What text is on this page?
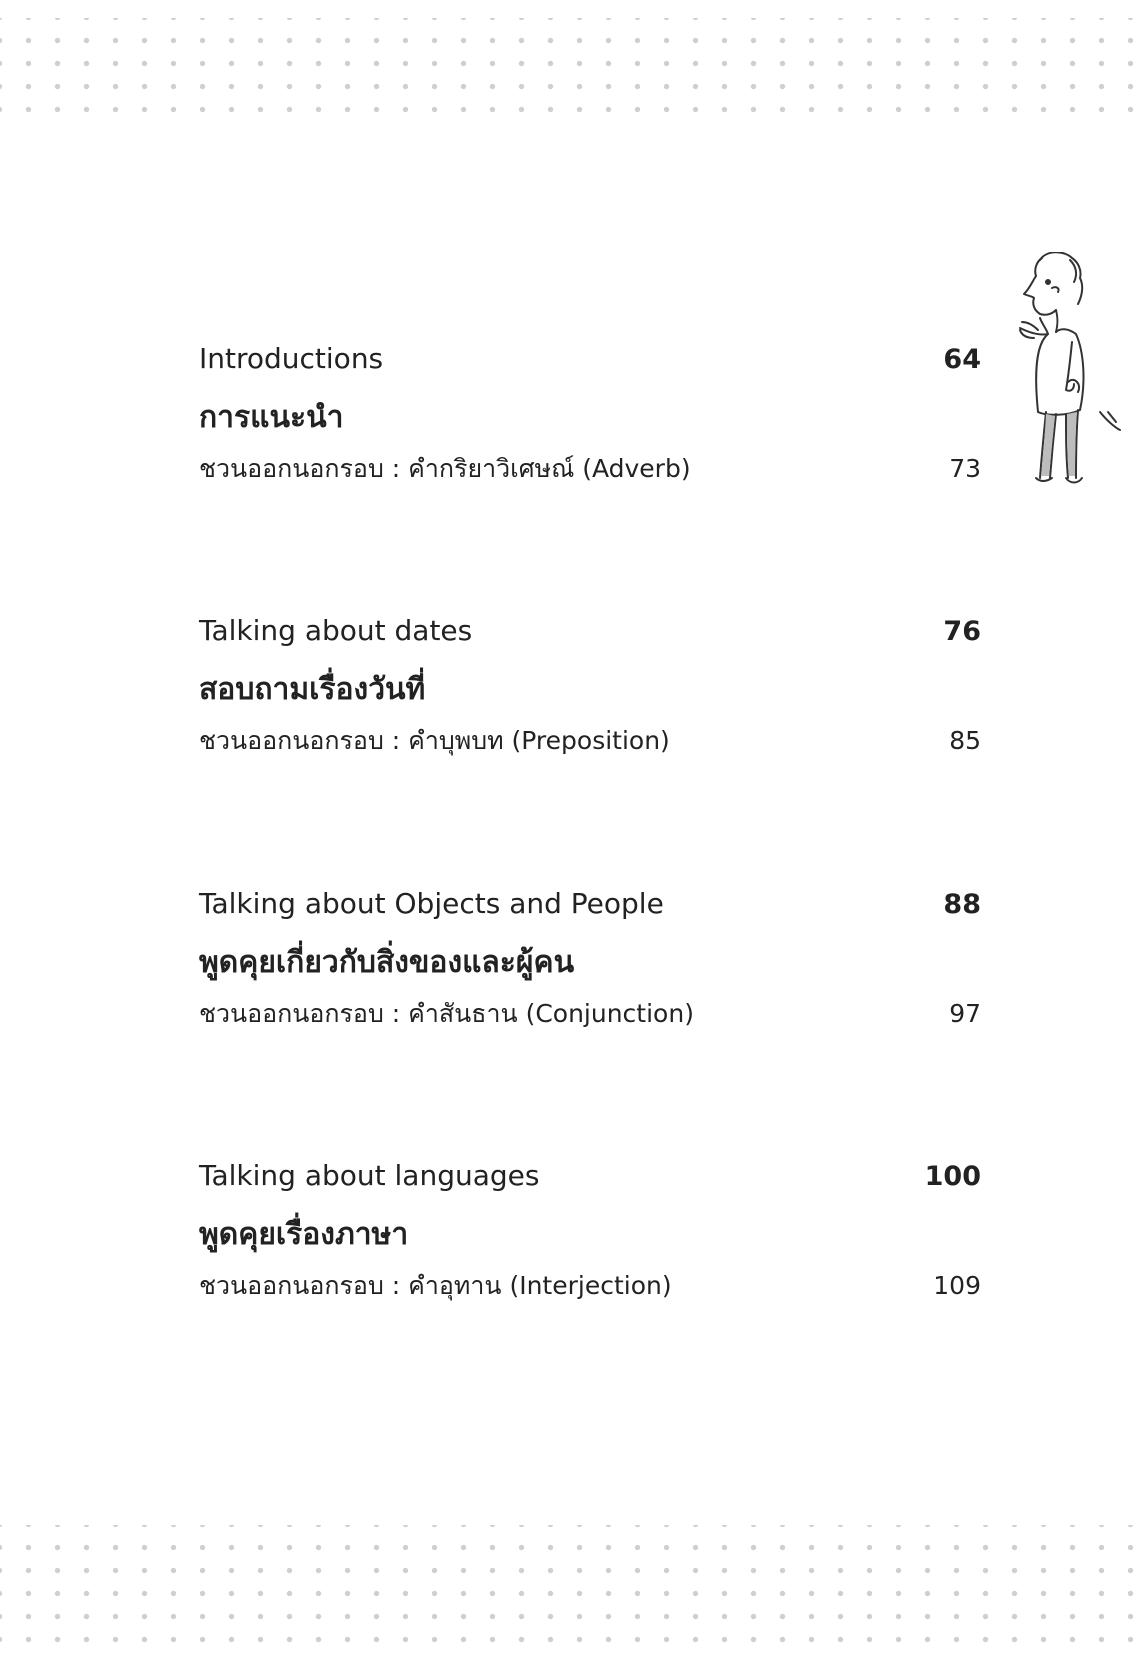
Introductions	64
การแนะนำ
ชวนออกนอกรอบ : คำกริยาวิเศษณ์ (Adverb)	73
Talking about dates	76
สอบถามเรื่องวันที่
ชวนออกนอกรอบ : คำบุพบท (Preposition)	85
Talking about Objects and People	88
พูดคุยเกี่ยวกับสิ่งของและผู้คน
ชวนออกนอกรอบ : คำสันธาน (Conjunction)	97
Talking about languages	100
พูดคุยเรื่องภาษา
ชวนออกนอกรอบ : คำอุทาน (Interjection)	109
